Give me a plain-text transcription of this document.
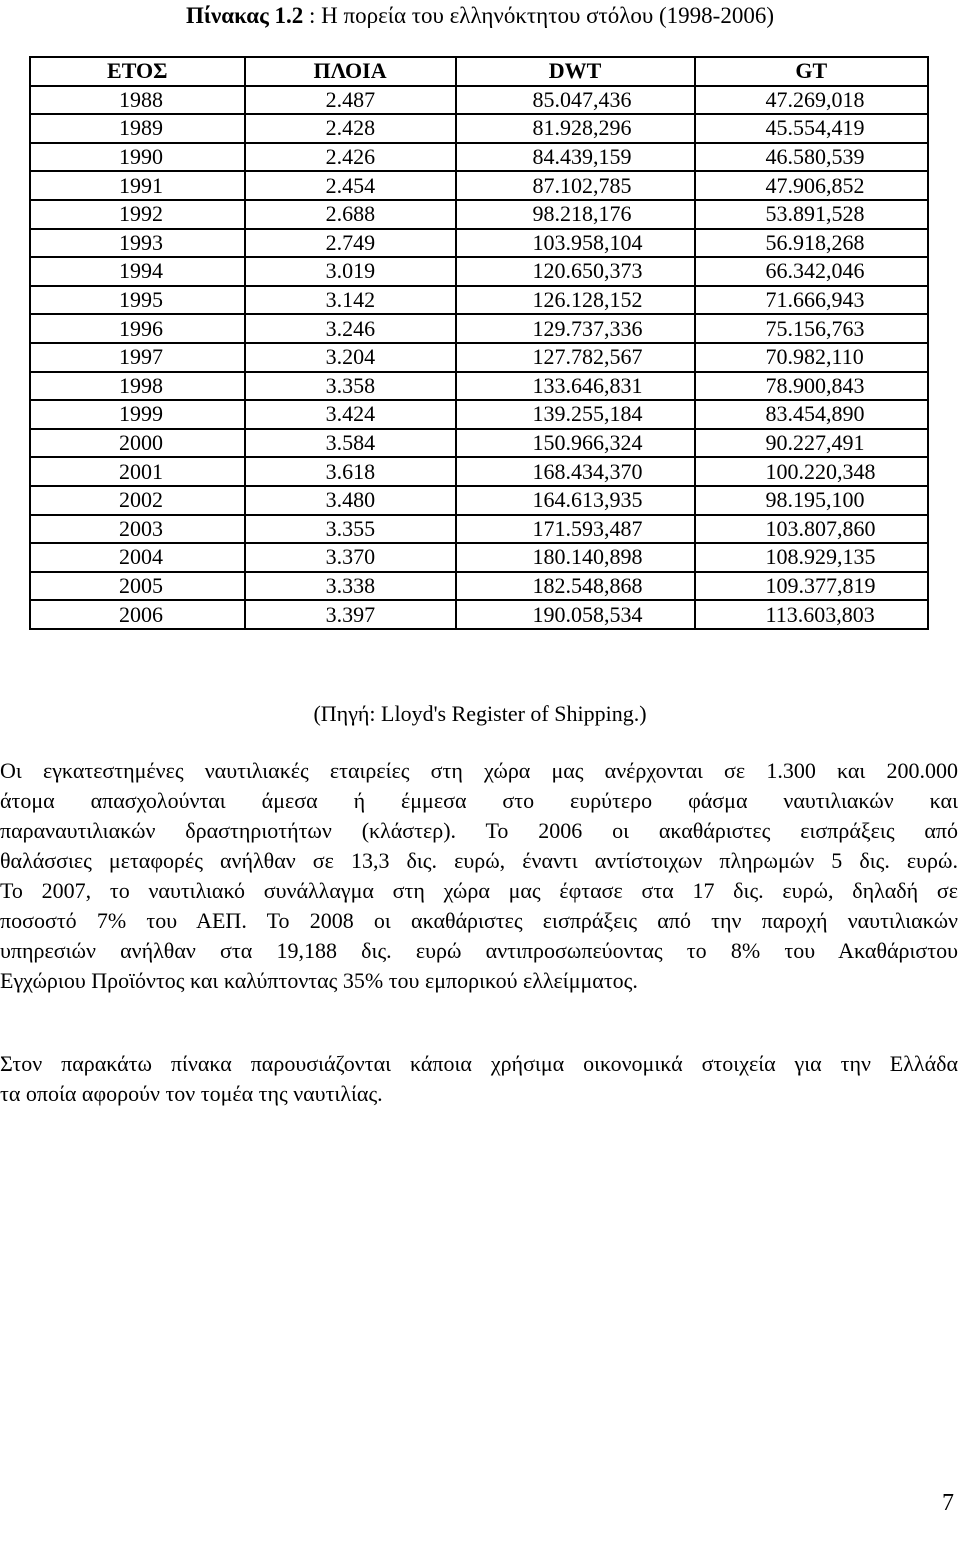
Πίνακας 1.2 : Η πορεία του ελληνόκτητου στόλου (1998-2006)
ΕΤΟΣ	ΠΛΟΙΑ	DWT	GT
1988	2.487	85.047,436	47.269,018
1989	2.428	81.928,296	45.554,419
1990	2.426	84.439,159	46.580,539
1991	2.454	87.102,785	47.906,852
1992	2.688	98.218,176	53.891,528
1993	2.749	103.958,104	56.918,268
1994	3.019	120.650,373	66.342,046
1995	3.142	126.128,152	71.666,943
1996	3.246	129.737,336	75.156,763
1997	3.204	127.782,567	70.982,110
1998	3.358	133.646,831	78.900,843
1999	3.424	139.255,184	83.454,890
2000	3.584	150.966,324	90.227,491
2001	3.618	168.434,370	100.220,348
2002	3.480	164.613,935	98.195,100
2003	3.355	171.593,487	103.807,860
2004	3.370	180.140,898	108.929,135
2005	3.338	182.548,868	109.377,819
2006	3.397	190.058,534	113.603,803
(Πηγή: Lloyd's Register of Shipping.)
Οι εγκατεστημένες ναυτιλιακές εταιρείες στη χώρα μας ανέρχονται σε 1.300 και 200.000
άτομα απασχολούνται άμεσα ή έμμεσα στο ευρύτερο φάσμα ναυτιλιακών και
παραναυτιλιακών δραστηριοτήτων (κλάστερ). Το 2006 οι ακαθάριστες εισπράξεις από
θαλάσσιες μεταφορές ανήλθαν σε 13,3 δις. ευρώ, έναντι αντίστοιχων πληρωμών 5 δις. ευρώ.
Το 2007, το ναυτιλιακό συνάλλαγμα στη χώρα μας έφτασε στα 17 δις. ευρώ, δηλαδή σε
ποσοστό 7% του ΑΕΠ. Το 2008 οι ακαθάριστες εισπράξεις από την παροχή ναυτιλιακών
υπηρεσιών ανήλθαν στα 19,188 δις. ευρώ αντιπροσωπεύοντας το 8% του Ακαθάριστου
Εγχώριου Προϊόντος και καλύπτοντας 35% του εμπορικού ελλείμματος.
Στον παρακάτω πίνακα παρουσιάζονται κάποια χρήσιμα οικονομικά στοιχεία για την Ελλάδα
τα οποία αφορούν τον τομέα της ναυτιλίας.
7
